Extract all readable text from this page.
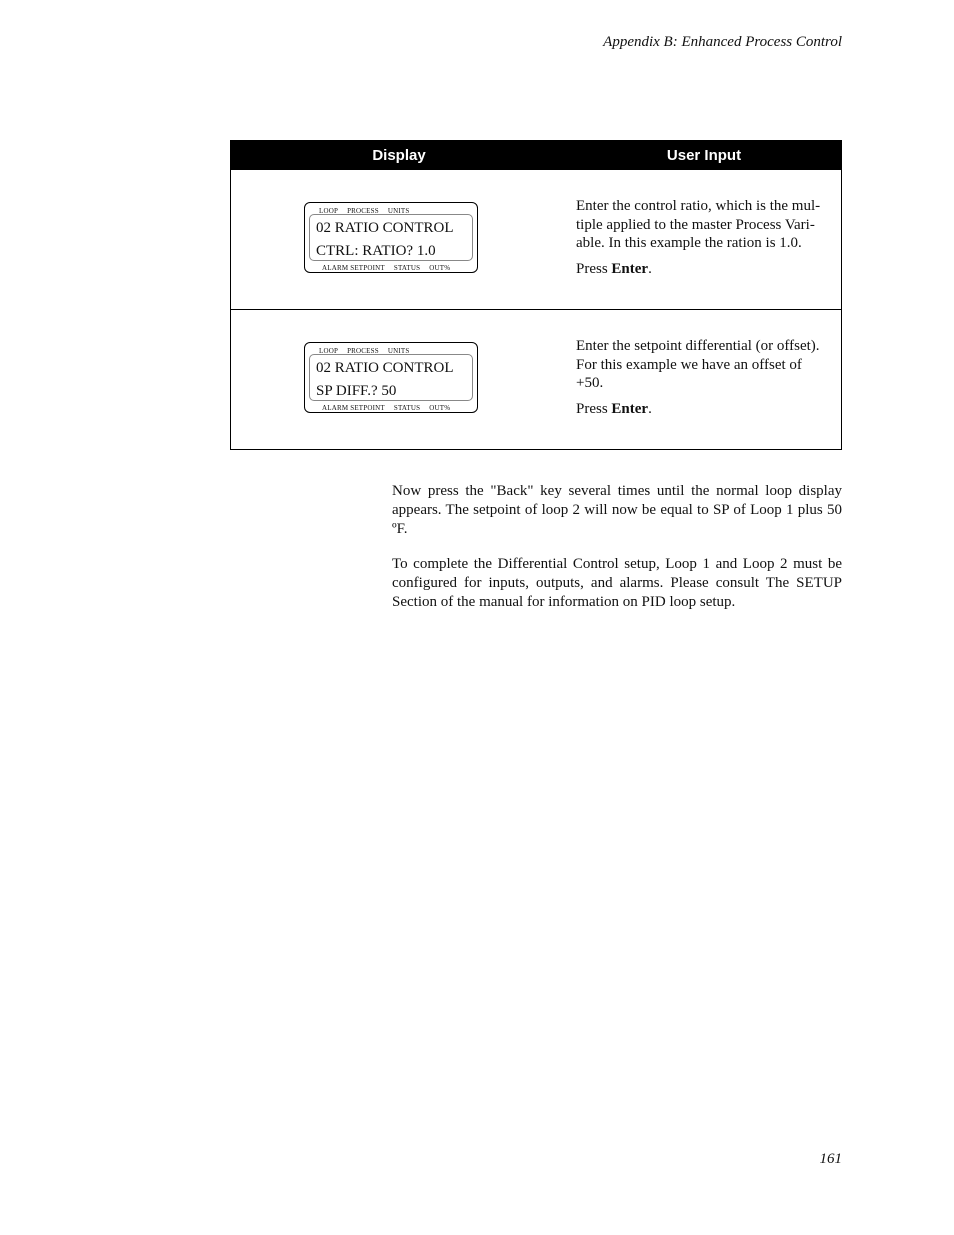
Appendix B: Enhanced Process Control
Display	User Input
LOOP PROCESS UNITS
02 RATIO CONTROL
CTRL: RATIO? 1.0
ALARM SETPOINT STATUS OUT%

Enter the control ratio, which is the mul-tiple applied to the master Process Vari-able. In this example the ration is 1.0.

Press Enter.

LOOP PROCESS UNITS
02 RATIO CONTROL
SP DIFF.? 50
ALARM SETPOINT STATUS OUT%

Enter the setpoint differential (or offset). For this example we have an offset of +50.

Press Enter.

Now press the "Back" key several times until the normal loop display appears. The setpoint of loop 2 will now be equal to SP of Loop 1 plus 50 ºF.

To complete the Differential Control setup, Loop 1 and Loop 2 must be configured for inputs, outputs, and alarms. Please consult The SETUP Section of the manual for information on PID loop setup.

161
